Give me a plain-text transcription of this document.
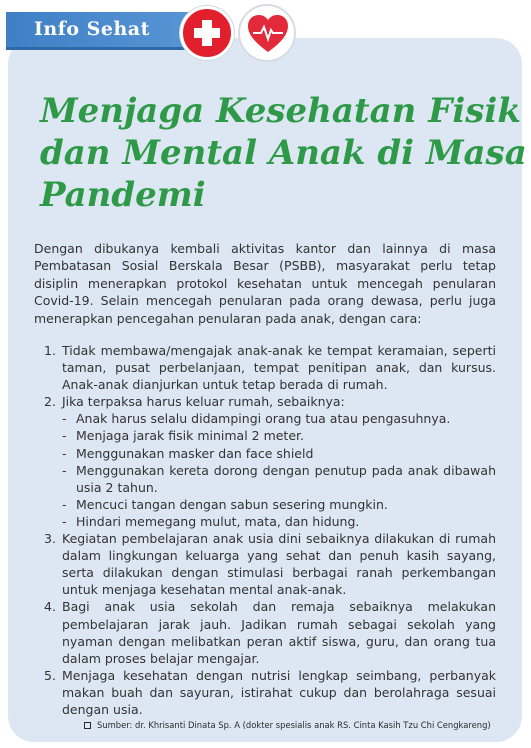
Info Sehat
Menjaga Kesehatan Fisik
dan Mental Anak di Masa
Pandemi

Dengan dibukanya kembali aktivitas kantor dan lainnya di masa Pembatasan Sosial Berskala Besar (PSBB), masyarakat perlu tetap disiplin menerapkan protokol kesehatan untuk mencegah penularan Covid-19. Selain mencegah penularan pada orang dewasa, perlu juga menerapkan pencegahan penularan pada anak, dengan cara:

1. Tidak membawa/mengajak anak-anak ke tempat keramaian, seperti taman, pusat perbelanjaan, tempat penitipan anak, dan kursus. Anak-anak dianjurkan untuk tetap berada di rumah.
2. Jika terpaksa harus keluar rumah, sebaiknya:
- Anak harus selalu didampingi orang tua atau pengasuhnya.
- Menjaga jarak fisik minimal 2 meter.
- Menggunakan masker dan face shield
- Menggunakan kereta dorong dengan penutup pada anak dibawah usia 2 tahun.
- Mencuci tangan dengan sabun sesering mungkin.
- Hindari memegang mulut, mata, dan hidung.
3. Kegiatan pembelajaran anak usia dini sebaiknya dilakukan di rumah dalam lingkungan keluarga yang sehat dan penuh kasih sayang, serta dilakukan dengan stimulasi berbagai ranah perkembangan untuk menjaga kesehatan mental anak-anak.
4. Bagi anak usia sekolah dan remaja sebaiknya melakukan pembelajaran jarak jauh. Jadikan rumah sebagai sekolah yang nyaman dengan melibatkan peran aktif siswa, guru, dan orang tua dalam proses belajar mengajar.
5. Menjaga kesehatan dengan nutrisi lengkap seimbang, perbanyak makan buah dan sayuran, istirahat cukup dan berolahraga sesuai dengan usia.
Sumber: dr. Khrisanti Dinata Sp. A (dokter spesialis anak RS. Cinta Kasih Tzu Chi Cengkareng)
